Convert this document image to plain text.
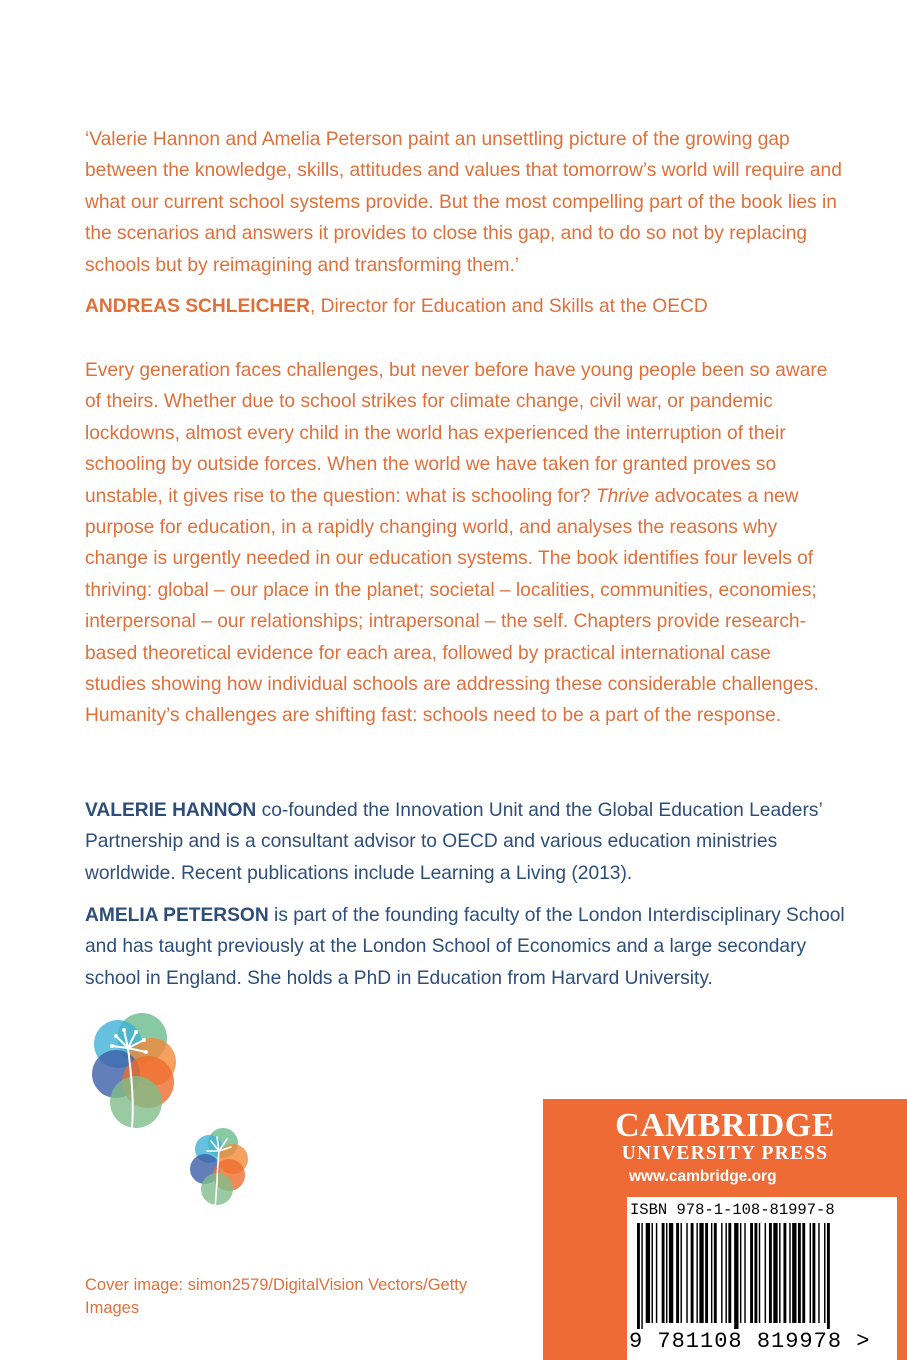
‘Valerie Hannon and Amelia Peterson paint an unsettling picture of the growing gap between the knowledge, skills, attitudes and values that tomorrow’s world will require and what our current school systems provide. But the most compelling part of the book lies in the scenarios and answers it provides to close this gap, and to do so not by replacing schools but by reimagining and transforming them.’

ANDREAS SCHLEICHER, Director for Education and Skills at the OECD

Every generation faces challenges, but never before have young people been so aware of theirs. Whether due to school strikes for climate change, civil war, or pandemic lockdowns, almost every child in the world has experienced the interruption of their schooling by outside forces. When the world we have taken for granted proves so unstable, it gives rise to the question: what is schooling for? Thrive advocates a new purpose for education, in a rapidly changing world, and analyses the reasons why change is urgently needed in our education systems. The book identifies four levels of thriving: global – our place in the planet; societal – localities, communities, economies; interpersonal – our relationships; intrapersonal – the self. Chapters provide research-based theoretical evidence for each area, followed by practical international case studies showing how individual schools are addressing these considerable challenges. Humanity’s challenges are shifting fast: schools need to be a part of the response.

VALERIE HANNON co-founded the Innovation Unit and the Global Education Leaders’ Partnership and is a consultant advisor to OECD and various education ministries worldwide. Recent publications include Learning a Living (2013).

AMELIA PETERSON is part of the founding faculty of the London Interdisciplinary School and has taught previously at the London School of Economics and a large secondary school in England. She holds a PhD in Education from Harvard University.

Cover image: simon2579/DigitalVision Vectors/Getty Images

CAMBRIDGE
UNIVERSITY PRESS
www.cambridge.org
ISBN 978-1-108-81997-8
9 781108 819978 >
